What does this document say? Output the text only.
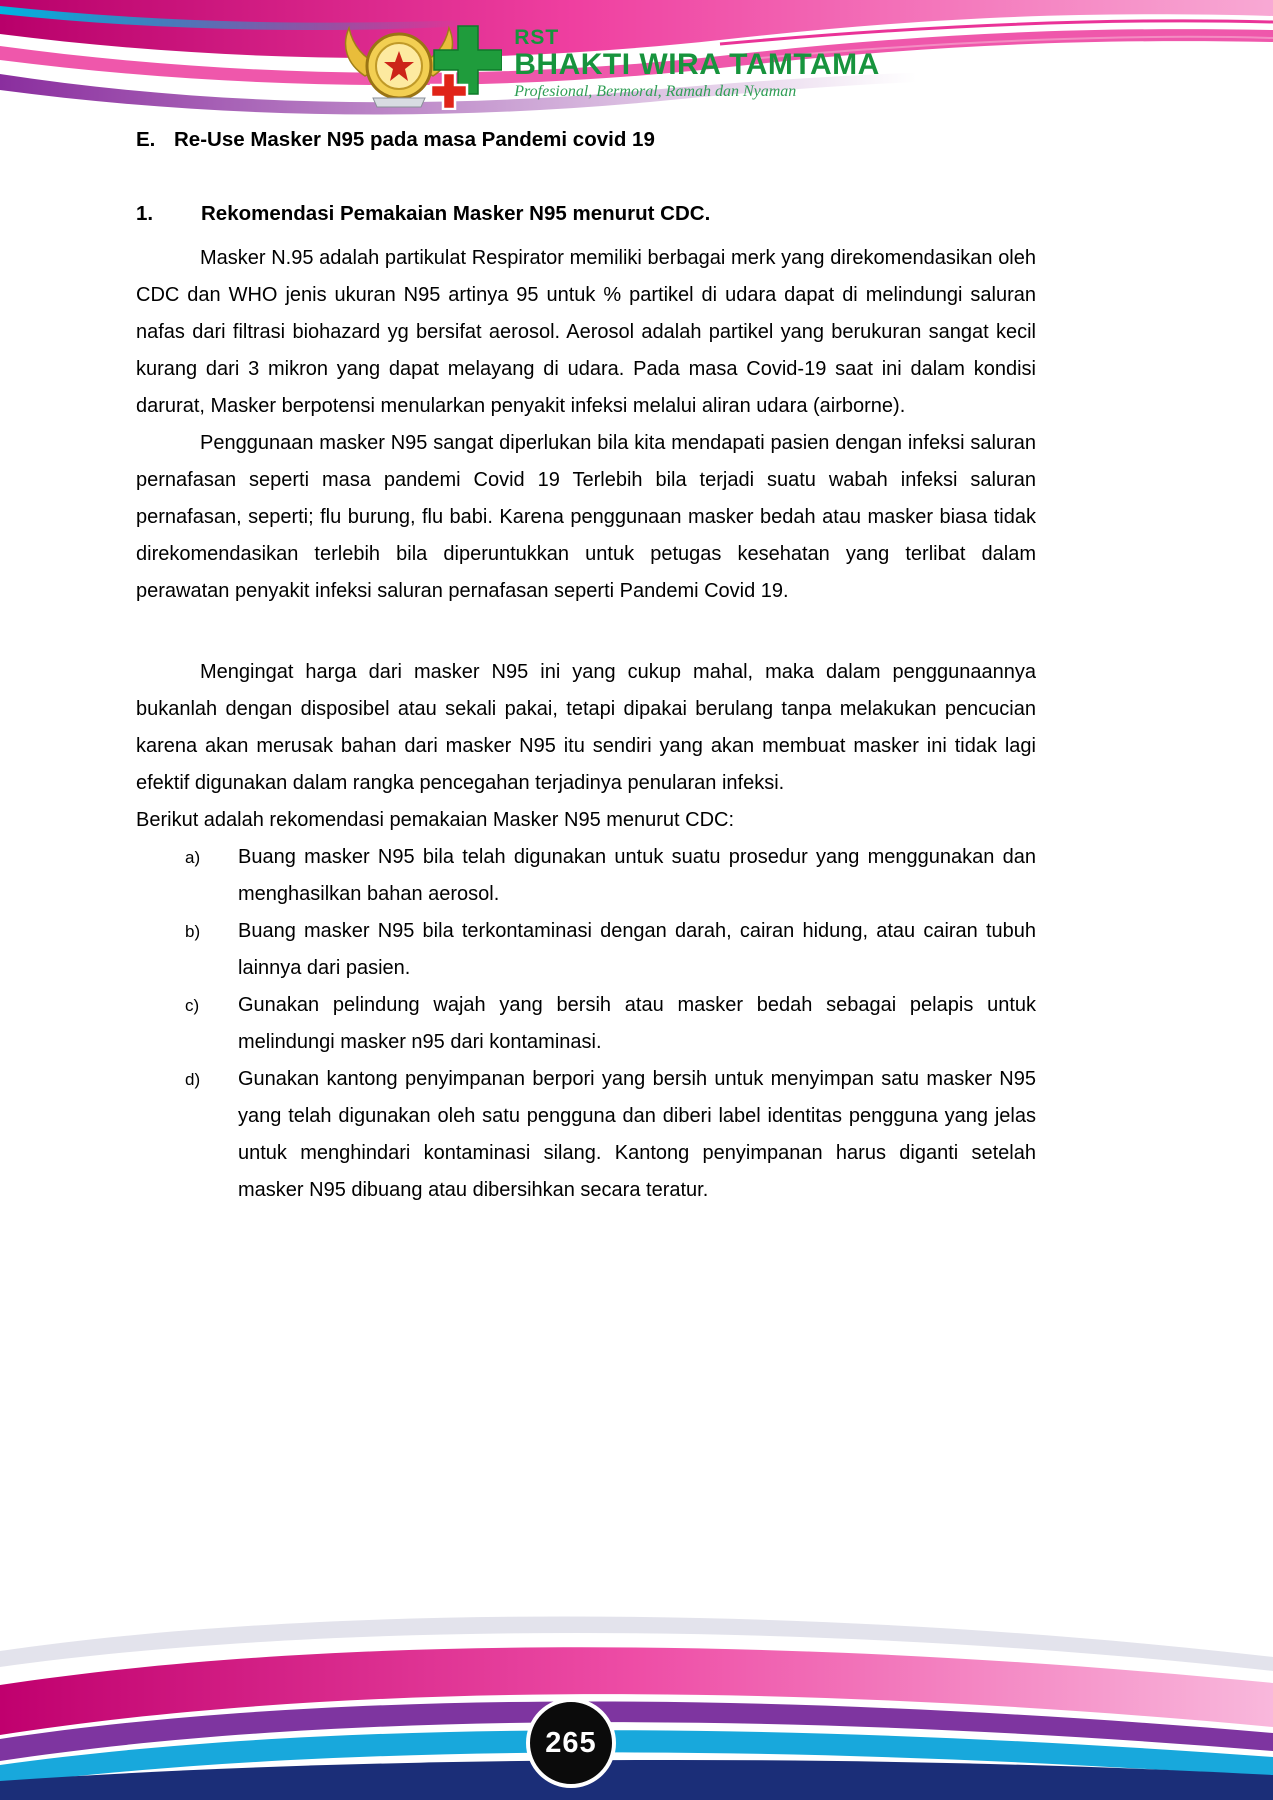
RST
BHAKTI WIRA TAMTAMA
Profesional, Bermoral, Ramah dan Nyaman
E. Re-Use Masker N95 pada masa Pandemi covid 19
1.	Rekomendasi Pemakaian Masker N95 menurut CDC.

Masker N.95 adalah partikulat Respirator memiliki berbagai merk yang direkomendasikan oleh CDC dan WHO jenis ukuran N95 artinya 95 untuk % partikel di udara dapat di melindungi saluran nafas dari filtrasi biohazard yg bersifat aerosol. Aerosol adalah partikel yang berukuran sangat kecil kurang dari 3 mikron yang dapat melayang di udara. Pada masa Covid-19 saat ini dalam kondisi darurat, Masker berpotensi menularkan penyakit infeksi melalui aliran udara (airborne).

Penggunaan masker N95 sangat diperlukan bila kita mendapati pasien dengan infeksi saluran pernafasan seperti masa pandemi Covid 19 Terlebih bila terjadi suatu wabah infeksi saluran pernafasan, seperti; flu burung, flu babi. Karena penggunaan masker bedah atau masker biasa tidak direkomendasikan terlebih bila diperuntukkan untuk petugas kesehatan yang terlibat dalam perawatan penyakit infeksi saluran pernafasan seperti Pandemi Covid 19.

Mengingat harga dari masker N95 ini yang cukup mahal, maka dalam penggunaannya bukanlah dengan disposibel atau sekali pakai, tetapi dipakai berulang tanpa melakukan pencucian karena akan merusak bahan dari masker N95 itu sendiri yang akan membuat masker ini tidak lagi efektif digunakan dalam rangka pencegahan terjadinya penularan infeksi.

Berikut adalah rekomendasi pemakaian Masker N95 menurut CDC:

a) Buang masker N95 bila telah digunakan untuk suatu prosedur yang menggunakan dan menghasilkan bahan aerosol.
b) Buang masker N95 bila terkontaminasi dengan darah, cairan hidung, atau cairan tubuh lainnya dari pasien.
c) Gunakan pelindung wajah yang bersih atau masker bedah sebagai pelapis untuk melindungi masker n95 dari kontaminasi.
d) Gunakan kantong penyimpanan berpori yang bersih untuk menyimpan satu masker N95 yang telah digunakan oleh satu pengguna dan diberi label identitas pengguna yang jelas untuk menghindari kontaminasi silang. Kantong penyimpanan harus diganti setelah masker N95 dibuang atau dibersihkan secara teratur.
265
